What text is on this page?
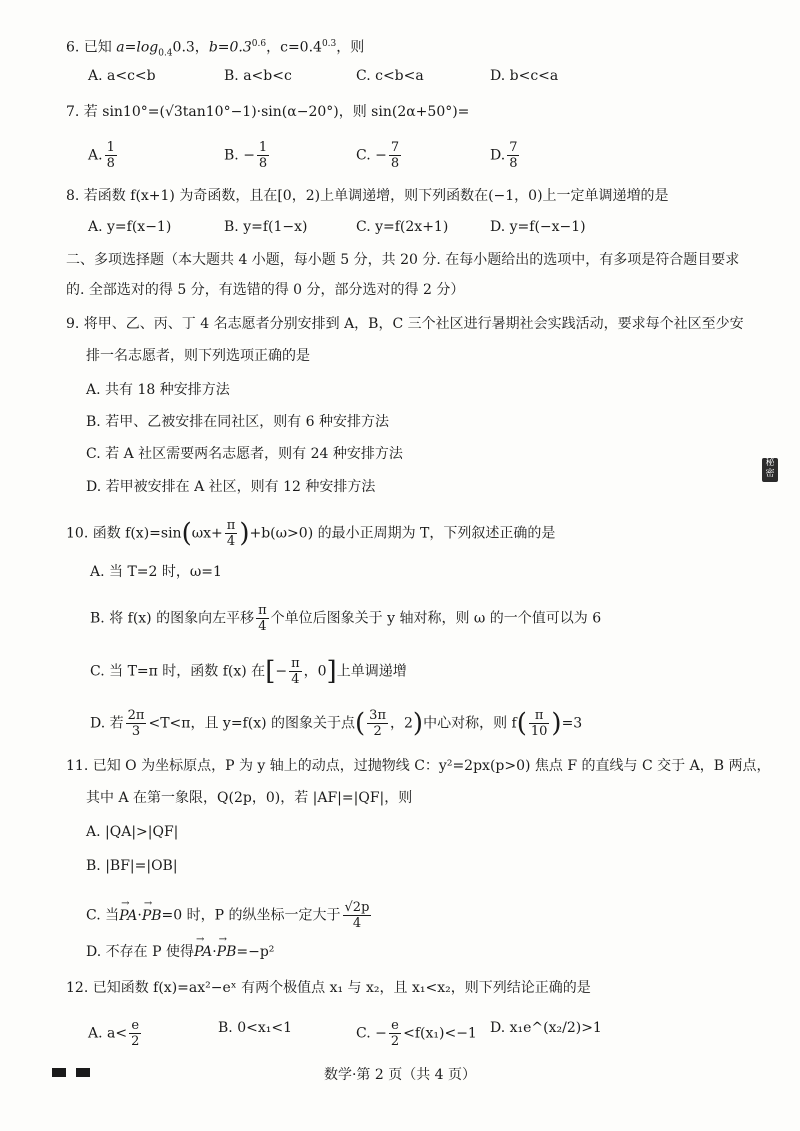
6. 已知 $a=\log_{0.4}0.3$，$b=0.3^{0.6}$，$c=0.4^{0.3}$，则
A. a<c<b	B. a<b<c	C. c<b<a	D. b<c<a
7. 若 sin10°=(√3tan10°−1)·sin(α−20°)，则 sin(2α+50°)=
A. $\frac{1}{8}$	B. − $\frac{1}{8}$	C. − $\frac{7}{8}$	D. $\frac{7}{8}$
8. 若函数 f(x+1) 为奇函数，且在[0，2)上单调递增，则下列函数在(−1，0)上一定单调递増的是
A. y=f(x−1)	B. y=f(1−x)	C. y=f(2x+1)	D. y=f(−x−1)
二、多项选择题（本大题共 4 小题，每小题 5 分，共 20 分. 在每小题给出的选项中，有多项是符合题目要求
的. 全部选对的得 5 分，有选错的得 0 分，部分选对的得 2 分）
9. 将甲、乙、丙、丁 4 名志愿者分别安排到 A，B，C 三个社区进行暑期社会实践活动，要求每个社区至少安
排一名志愿者，则下列选项正确的是
A. 共有 18 种安排方法
B. 若甲、乙被安排在同社区，则有 6 种安排方法
C. 若 A 社区需要两名志愿者，则有 24 种安排方法
D. 若甲被安排在 A 社区，则有 12 种安排方法
10. 函数 $f(x)=\sin(\omega x+ \frac{\pi}{4} )+b(\omega>0)$ 的最小正周期为 T，下列叙述正确的是
A. 当 T=2 时，ω=1
B. 将 f(x) 的图象向左平移 $\frac{\pi}{4}$ 个单位后图象关于 y 轴对称，则 ω 的一个值可以为 6
C. 当 T=π 时，函数 f(x) 在[− $\frac{\pi}{4}$ ，0]上单调递增
D. 若 $\frac{2\pi}{3} <T<\pi$，且 y=f(x) 的图象关于点( $\frac{3\pi}{2}$ ，2)中心对称，则 $f( \frac{\pi}{10} )=3$
11. 已知 O 为坐标原点，P 为 y 轴上的动点，过抛物线 C：y²=2px(p>0) 焦点 F 的直线与 C 交于 A，B 两点，
其中 A 在第一象限，Q(2p，0)，若 |AF|=|QF|，则
A. |QA|>|QF|
B. |BF|=|OB|
C. 当→ PA·→ PB=0 时，P 的纵坐标一定大于 $\frac{√2p}{4}$
D. 不存在 P 使得→ PA·→ PB=−p²
12. 已知函数 f(x)=ax²−eˣ 有两个极值点 x₁ 与 x₂，且 x₁<x₂，则下列结论正确的是
A. $a< \frac{e}{2}$	B. 0<x₁<1	C. − $\frac{e}{2} <f(x_1)<-1$ D. x₁e^(x₂/2)>1
秘密
数学·第 2 页（共 4 页）
